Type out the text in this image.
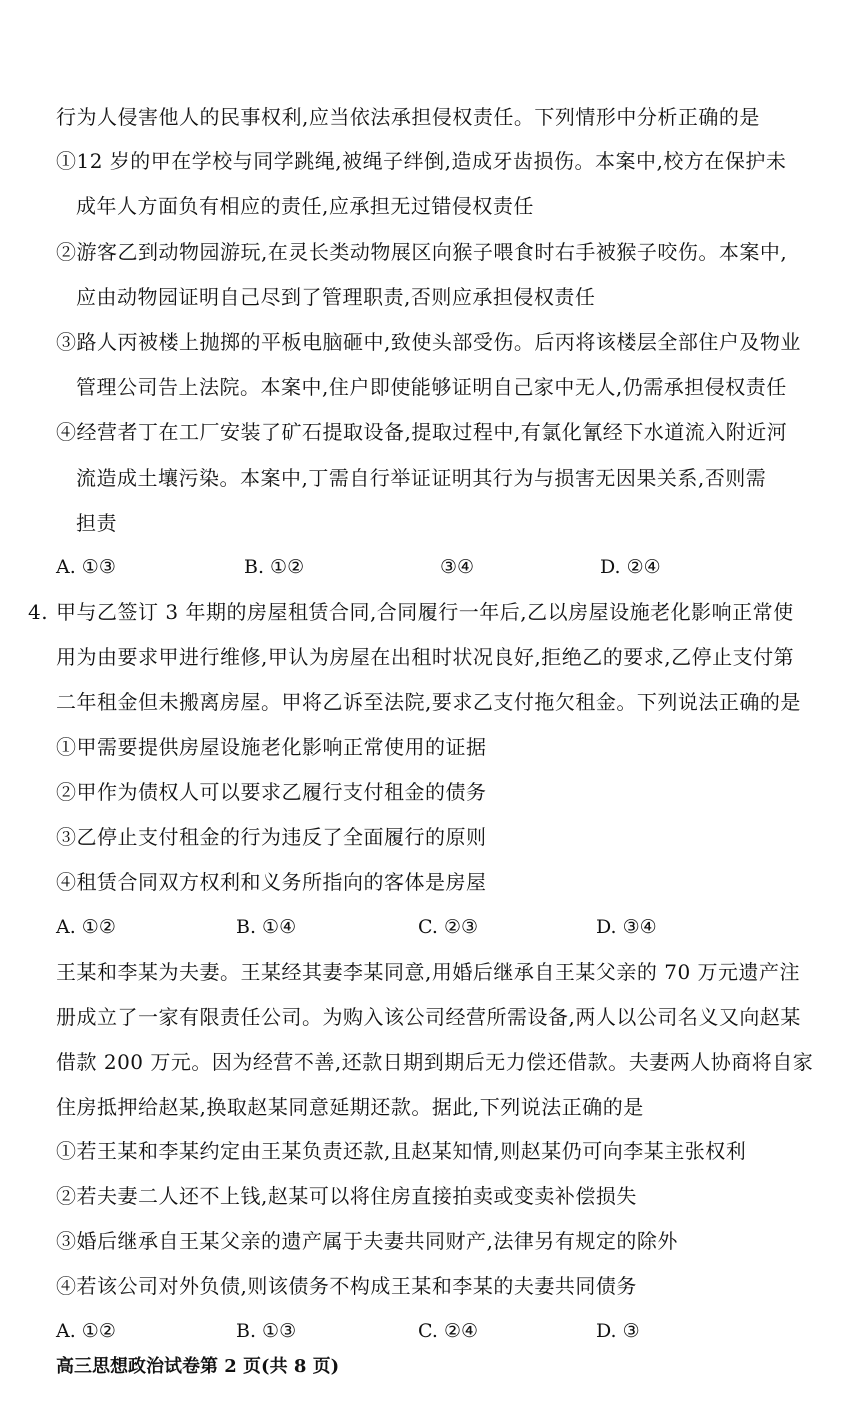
行为人侵害他人的民事权利,应当依法承担侵权责任。下列情形中分析正确的是
①12 岁的甲在学校与同学跳绳,被绳子绊倒,造成牙齿损伤。本案中,校方在保护未
成年人方面负有相应的责任,应承担无过错侵权责任
②游客乙到动物园游玩,在灵长类动物展区向猴子喂食时右手被猴子咬伤。本案中,
应由动物园证明自己尽到了管理职责,否则应承担侵权责任
③路人丙被楼上抛掷的平板电脑砸中,致使头部受伤。后丙将该楼层全部住户及物业
管理公司告上法院。本案中,住户即使能够证明自己家中无人,仍需承担侵权责任
④经营者丁在工厂安装了矿石提取设备,提取过程中,有氯化氰经下水道流入附近河
流造成土壤污染。本案中,丁需自行举证证明其行为与损害无因果关系,否则需
担责
A. ①③	B. ①②	③④	D. ②④
4. 甲与乙签订 3 年期的房屋租赁合同,合同履行一年后,乙以房屋设施老化影响正常使
用为由要求甲进行维修,甲认为房屋在出租时状况良好,拒绝乙的要求,乙停止支付第
二年租金但未搬离房屋。甲将乙诉至法院,要求乙支付拖欠租金。下列说法正确的是
①甲需要提供房屋设施老化影响正常使用的证据
②甲作为债权人可以要求乙履行支付租金的债务
③乙停止支付租金的行为违反了全面履行的原则
④租赁合同双方权利和义务所指向的客体是房屋
A. ①②	B. ①④	C. ②③	D. ③④
王某和李某为夫妻。王某经其妻李某同意,用婚后继承自王某父亲的 70 万元遗产注
册成立了一家有限责任公司。为购入该公司经营所需设备,两人以公司名义又向赵某
借款 200 万元。因为经营不善,还款日期到期后无力偿还借款。夫妻两人协商将自家
住房抵押给赵某,换取赵某同意延期还款。据此,下列说法正确的是
①若王某和李某约定由王某负责还款,且赵某知情,则赵某仍可向李某主张权利
②若夫妻二人还不上钱,赵某可以将住房直接拍卖或变卖补偿损失
③婚后继承自王某父亲的遗产属于夫妻共同财产,法律另有规定的除外
④若该公司对外负债,则该债务不构成王某和李某的夫妻共同债务
A. ①②	B. ①③	C. ②④	D. ③
高三思想政治试卷第 2 页(共 8 页)
